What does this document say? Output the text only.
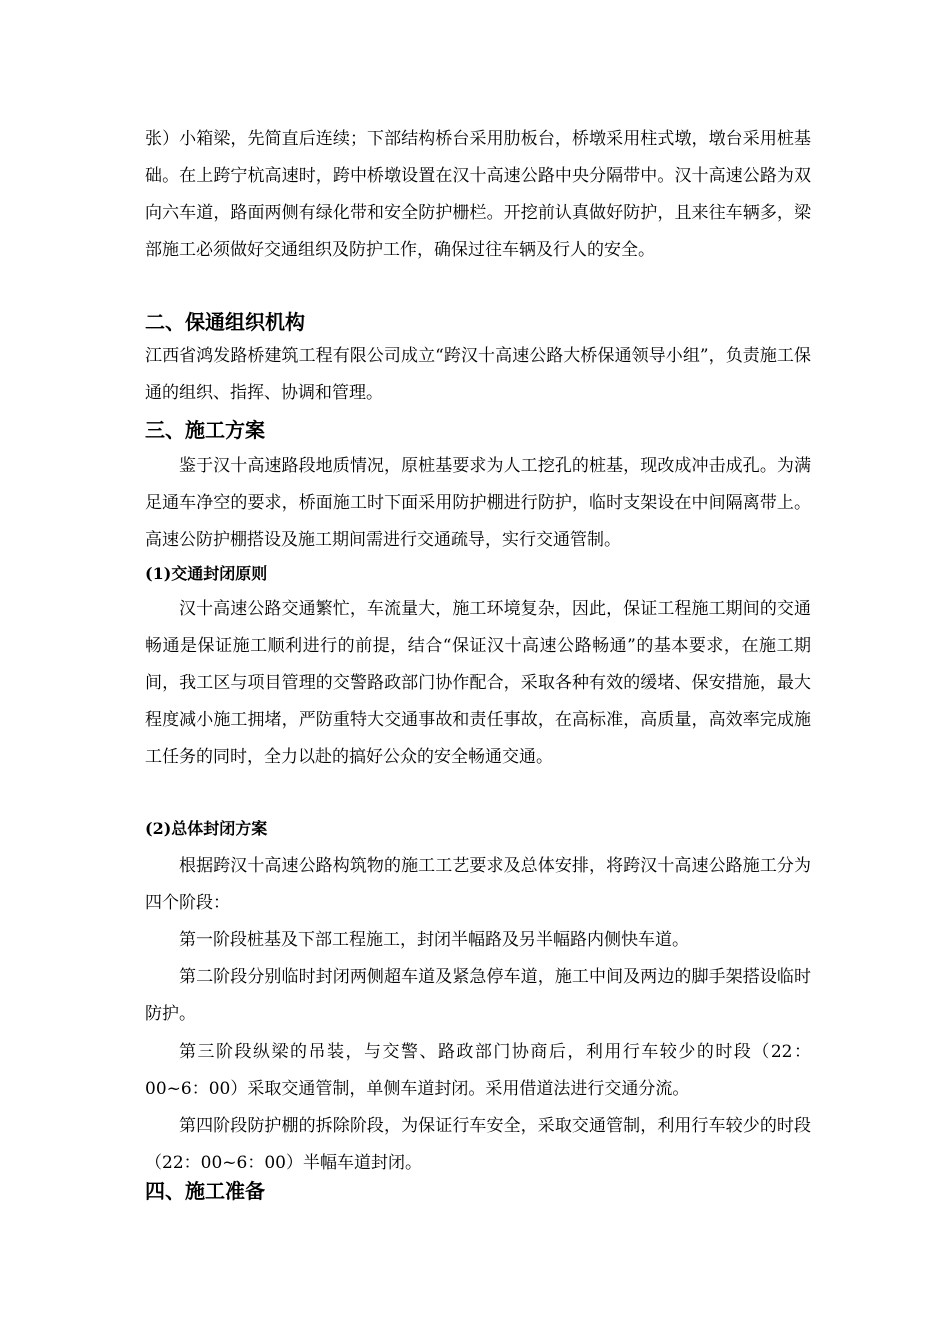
张）小箱梁，先简直后连续；下部结构桥台采用肋板台，桥墩采用柱式墩，墩台采用桩基础。在上跨宁杭高速时，跨中桥墩设置在汉十高速公路中央分隔带中。汉十高速公路为双向六车道，路面两侧有绿化带和安全防护栅栏。开挖前认真做好防护，且来往车辆多，梁部施工必须做好交通组织及防护工作，确保过往车辆及行人的安全。

二、保通组织机构

江西省鸿发路桥建筑工程有限公司成立“跨汉十高速公路大桥保通领导小组”，负责施工保通的组织、指挥、协调和管理。

三、施工方案

鉴于汉十高速路段地质情况，原桩基要求为人工挖孔的桩基，现改成冲击成孔。为满足通车净空的要求，桥面施工时下面采用防护棚进行防护，临时支架设在中间隔离带上。高速公防护棚搭设及施工期间需进行交通疏导，实行交通管制。

(1)交通封闭原则

汉十高速公路交通繁忙，车流量大，施工环境复杂，因此，保证工程施工期间的交通畅通是保证施工顺利进行的前提，结合“保证汉十高速公路畅通”的基本要求，在施工期间，我工区与项目管理的交警路政部门协作配合，采取各种有效的缓堵、保安措施，最大程度减小施工拥堵，严防重特大交通事故和责任事故，在高标准，高质量，高效率完成施工任务的同时，全力以赴的搞好公众的安全畅通交通。

(2)总体封闭方案

根据跨汉十高速公路构筑物的施工工艺要求及总体安排，将跨汉十高速公路施工分为四个阶段：

第一阶段桩基及下部工程施工，封闭半幅路及另半幅路内侧快车道。

第二阶段分别临时封闭两侧超车道及紧急停车道，施工中间及两边的脚手架搭设临时防护。

第三阶段纵梁的吊装，与交警、路政部门协商后，利用行车较少的时段（22：00~6：00）采取交通管制，单侧车道封闭。采用借道法进行交通分流。

第四阶段防护棚的拆除阶段，为保证行车安全，采取交通管制，利用行车较少的时段（22：00~6：00）半幅车道封闭。

四、施工准备
